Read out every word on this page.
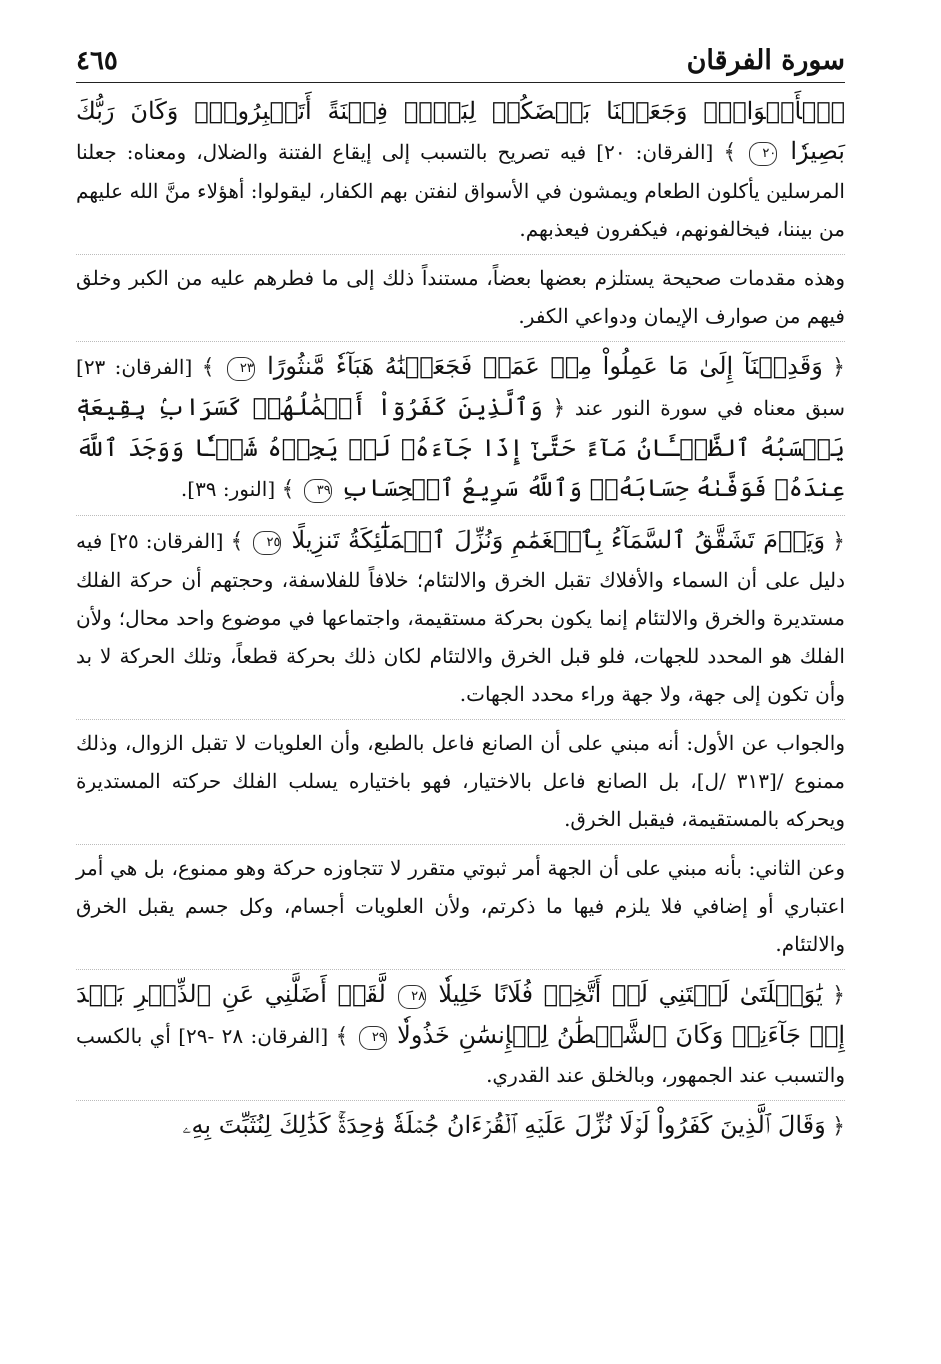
سورة الفرقان
٤٦٥

ٱلۡأَسۡوَاقِۗ وَجَعَلۡنَا بَعۡضَكُمۡ لِبَعۡضٖ فِتۡنَةً أَتَصۡبِرُونَۗ وَكَانَ رَبُّكَ بَصِيرٗا ٢٠ ﴾ [الفرقان: ٢٠] فيه تصريح بالتسبب إلى إيقاع الفتنة والضلال، ومعناه: جعلنا المرسلين يأكلون الطعام ويمشون في الأسواق لنفتن بهم الكفار، ليقولوا: أهؤلاء منَّ الله عليهم من بيننا، فيخالفونهم، فيكفرون فيعذبهم.

وهذه مقدمات صحيحة يستلزم بعضها بعضاً، مستنداً ذلك إلى ما فطرهم عليه من الكبر وخلق فيهم من صوارف الإيمان ودواعي الكفر.

﴿ وَقَدِمۡنَآ إِلَىٰ مَا عَمِلُواْ مِنۡ عَمَلٖ فَجَعَلۡنَٰهُ هَبَآءٗ مَّنثُورًا ٢٣ ﴾ [الفرقان: ٢٣] سبق معناه في سورة النور عند ﴿ وَٱلَّذِينَ كَفَرُوٓاْ أَعۡمَٰلُهُمۡ كَسَرَابِۢ بِقِيعَةٖ يَحۡسَبُهُ ٱلظَّمۡـَٔانُ مَآءً حَتَّىٰٓ إِذَا جَآءَهُۥ لَمۡ يَجِدۡهُ شَيۡـٔٗا وَوَجَدَ ٱللَّهَ عِندَهُۥ فَوَفَّىٰهُ حِسَابَهُۥۗ وَٱللَّهُ سَرِيعُ ٱلۡحِسَابِ ٣٩ ﴾ [النور: ٣٩].

﴿ وَيَوۡمَ تَشَقَّقُ ٱلسَّمَآءُ بِٱلۡغَمَٰمِ وَنُزِّلَ ٱلۡمَلَٰٓئِكَةُ تَنزِيلًا ٢٥ ﴾ [الفرقان: ٢٥] فيه دليل على أن السماء والأفلاك تقبل الخرق والالتئام؛ خلافاً للفلاسفة، وحجتهم أن حركة الفلك مستديرة والخرق والالتئام إنما يكون بحركة مستقيمة، واجتماعها في موضوع واحد محال؛ ولأن الفلك هو المحدد للجهات، فلو قبل الخرق والالتئام لكان ذلك بحركة قطعاً، وتلك الحركة لا بد وأن تكون إلى جهة، ولا جهة وراء محدد الجهات.

والجواب عن الأول: أنه مبني على أن الصانع فاعل بالطبع، وأن العلويات لا تقبل الزوال، وذلك ممنوع /[٣١٣ /ل]، بل الصانع فاعل بالاختيار، فهو باختياره يسلب الفلك حركته المستديرة ويحركه بالمستقيمة، فيقبل الخرق.

وعن الثاني: بأنه مبني على أن الجهة أمر ثبوتي متقرر لا تتجاوزه حركة وهو ممنوع، بل هي أمر اعتباري أو إضافي فلا يلزم فيها ما ذكرتم، ولأن العلويات أجسام، وكل جسم يقبل الخرق والالتئام.

﴿ يَٰوَيۡلَتَىٰ لَيۡتَنِي لَمۡ أَتَّخِذۡ فُلَانًا خَلِيلٗا ٢٨ لَّقَدۡ أَضَلَّنِي عَنِ ٱلذِّكۡرِ بَعۡدَ إِذۡ جَآءَنِيۗ وَكَانَ ٱلشَّيۡطَٰنُ لِلۡإِنسَٰنِ خَذُولٗا ٢٩ ﴾ [الفرقان: ٢٨ -٢٩] أي بالكسب والتسبب عند الجمهور، وبالخلق عند القدري.

﴿ وَقَالَ ٱلَّذِينَ كَفَرُواْ لَوۡلَا نُزِّلَ عَلَيۡهِ ٱلۡقُرۡءَانُ جُمۡلَةٗ وَٰحِدَةٗۚ كَذَٰلِكَ لِنُثَبِّتَ بِهِۦ
